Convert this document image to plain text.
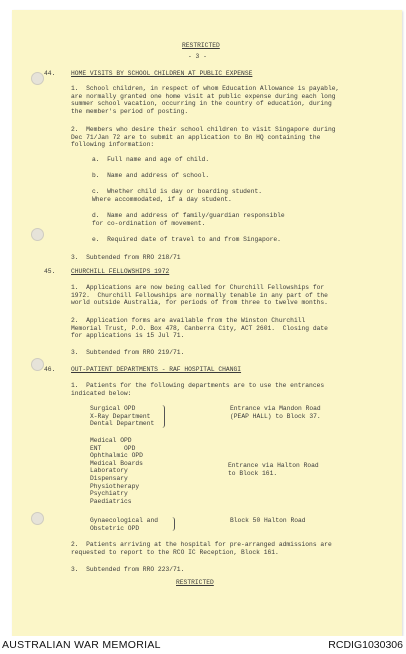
RESTRICTED
- 3 -
44. HOME VISITS BY SCHOOL CHILDREN AT PUBLIC EXPENSE
1.  School children, in respect of whom Education Allowance is payable,
are normally granted one home visit at public expense during each long
summer school vacation, occurring in the country of education, during
the member's period of posting.
2.  Members who desire their school children to visit Singapore during
Dec 71/Jan 72 are to submit an application to Bn HQ containing the
following information:
a.  Full name and age of child.
b.  Name and address of school.
c.  Whether child is day or boarding student.
Where accommodated, if a day student.
d.  Name and address of family/guardian responsible
for co-ordination of movement.
e.  Required date of travel to and from Singapore.
3.  Subtended from RRO 218/71
45. CHURCHILL FELLOWSHIPS 1972
1.  Applications are now being called for Churchill Fellowships for
1972.  Churchill Fellowships are normally tenable in any part of the
world outside Australia, for periods of from three to twelve months.
2.  Application forms are available from the Winston Churchill
Memorial Trust, P.O. Box 478, Canberra City, ACT 2601.  Closing date
for applications is 15 Jul 71.
3.  Subtended from RRO 219/71.
46. OUT-PATIENT DEPARTMENTS - RAF HOSPITAL CHANGI
1.  Patients for the following departments are to use the entrances
indicated below:
Surgical OPD
X-Ray Department
Dental Department
Entrance via Mandon Road
(PEAP HALL) to Block 37.
Medical OPD
ENT      OPD
Ophthalmic OPD
Medical Boards
Laboratory
Dispensary
Physiotherapy
Psychiatry
Paediatrics
Entrance via Halton Road
to Block 161.
Gynaecological and
Obstetric OPD
Block 50 Halton Road
2.  Patients arriving at the hospital for pre-arranged admissions are
requested to report to the RCO IC Reception, Block 161.
3.  Subtended from RRO 223/71.
RESTRICTED
AUSTRALIAN WAR MEMORIAL	RCDIG1030306
